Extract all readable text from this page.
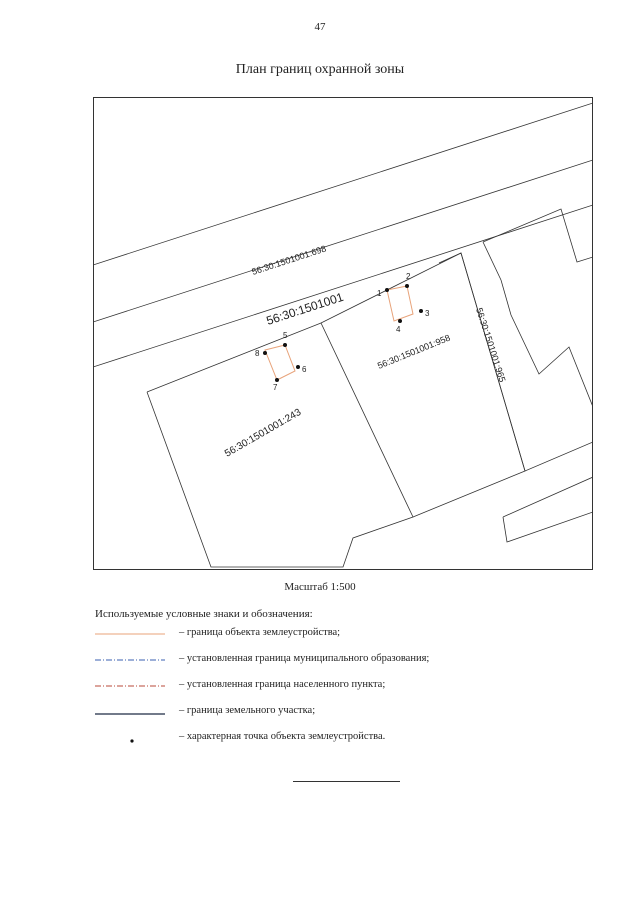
47
План границ охранной зоны
1
2
3
4
5
6
7
8
56:30:1501001:698
56:30:1501001
56:30:1501001:243
56:30:1501001:958 56:30:1501001:965
Масштаб 1:500
Используемые условные знаки и обозначения:
– граница объекта землеустройства;
– установленная граница муниципального образования;
– установленная граница населенного пункта;
– граница земельного участка;
– характерная точка объекта землеустройства.
